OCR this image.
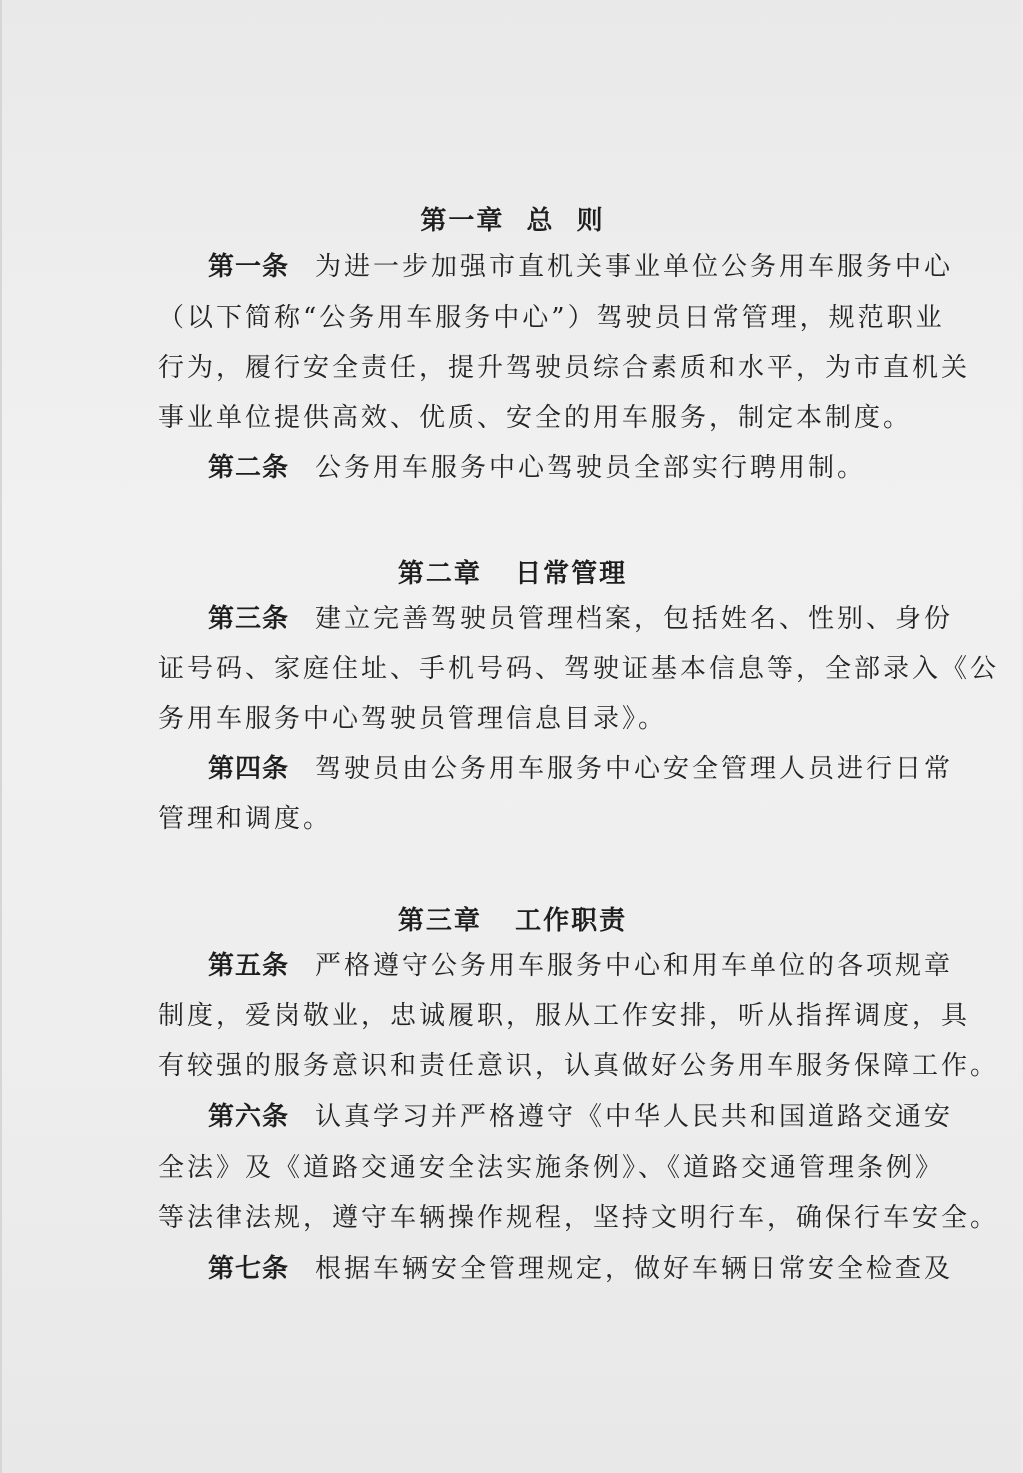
第一章  总  则
第一条 为进一步加强市直机关事业单位公务用车服务中心
（以下简称“公务用车服务中心”）驾驶员日常管理，规范职业
行为，履行安全责任，提升驾驶员综合素质和水平，为市直机关
事业单位提供高效、优质、安全的用车服务，制定本制度。
第二条 公务用车服务中心驾驶员全部实行聘用制。
第二章   日常管理
第三条 建立完善驾驶员管理档案，包括姓名、性别、身份
证号码、家庭住址、手机号码、驾驶证基本信息等，全部录入《公
务用车服务中心驾驶员管理信息目录》。
第四条 驾驶员由公务用车服务中心安全管理人员进行日常
管理和调度。
第三章   工作职责
第五条 严格遵守公务用车服务中心和用车单位的各项规章
制度，爱岗敬业，忠诚履职，服从工作安排，听从指挥调度，具
有较强的服务意识和责任意识，认真做好公务用车服务保障工作。
第六条 认真学习并严格遵守《中华人民共和国道路交通安
全法》及《道路交通安全法实施条例》、《道路交通管理条例》
等法律法规，遵守车辆操作规程，坚持文明行车，确保行车安全。
第七条 根据车辆安全管理规定，做好车辆日常安全检查及
